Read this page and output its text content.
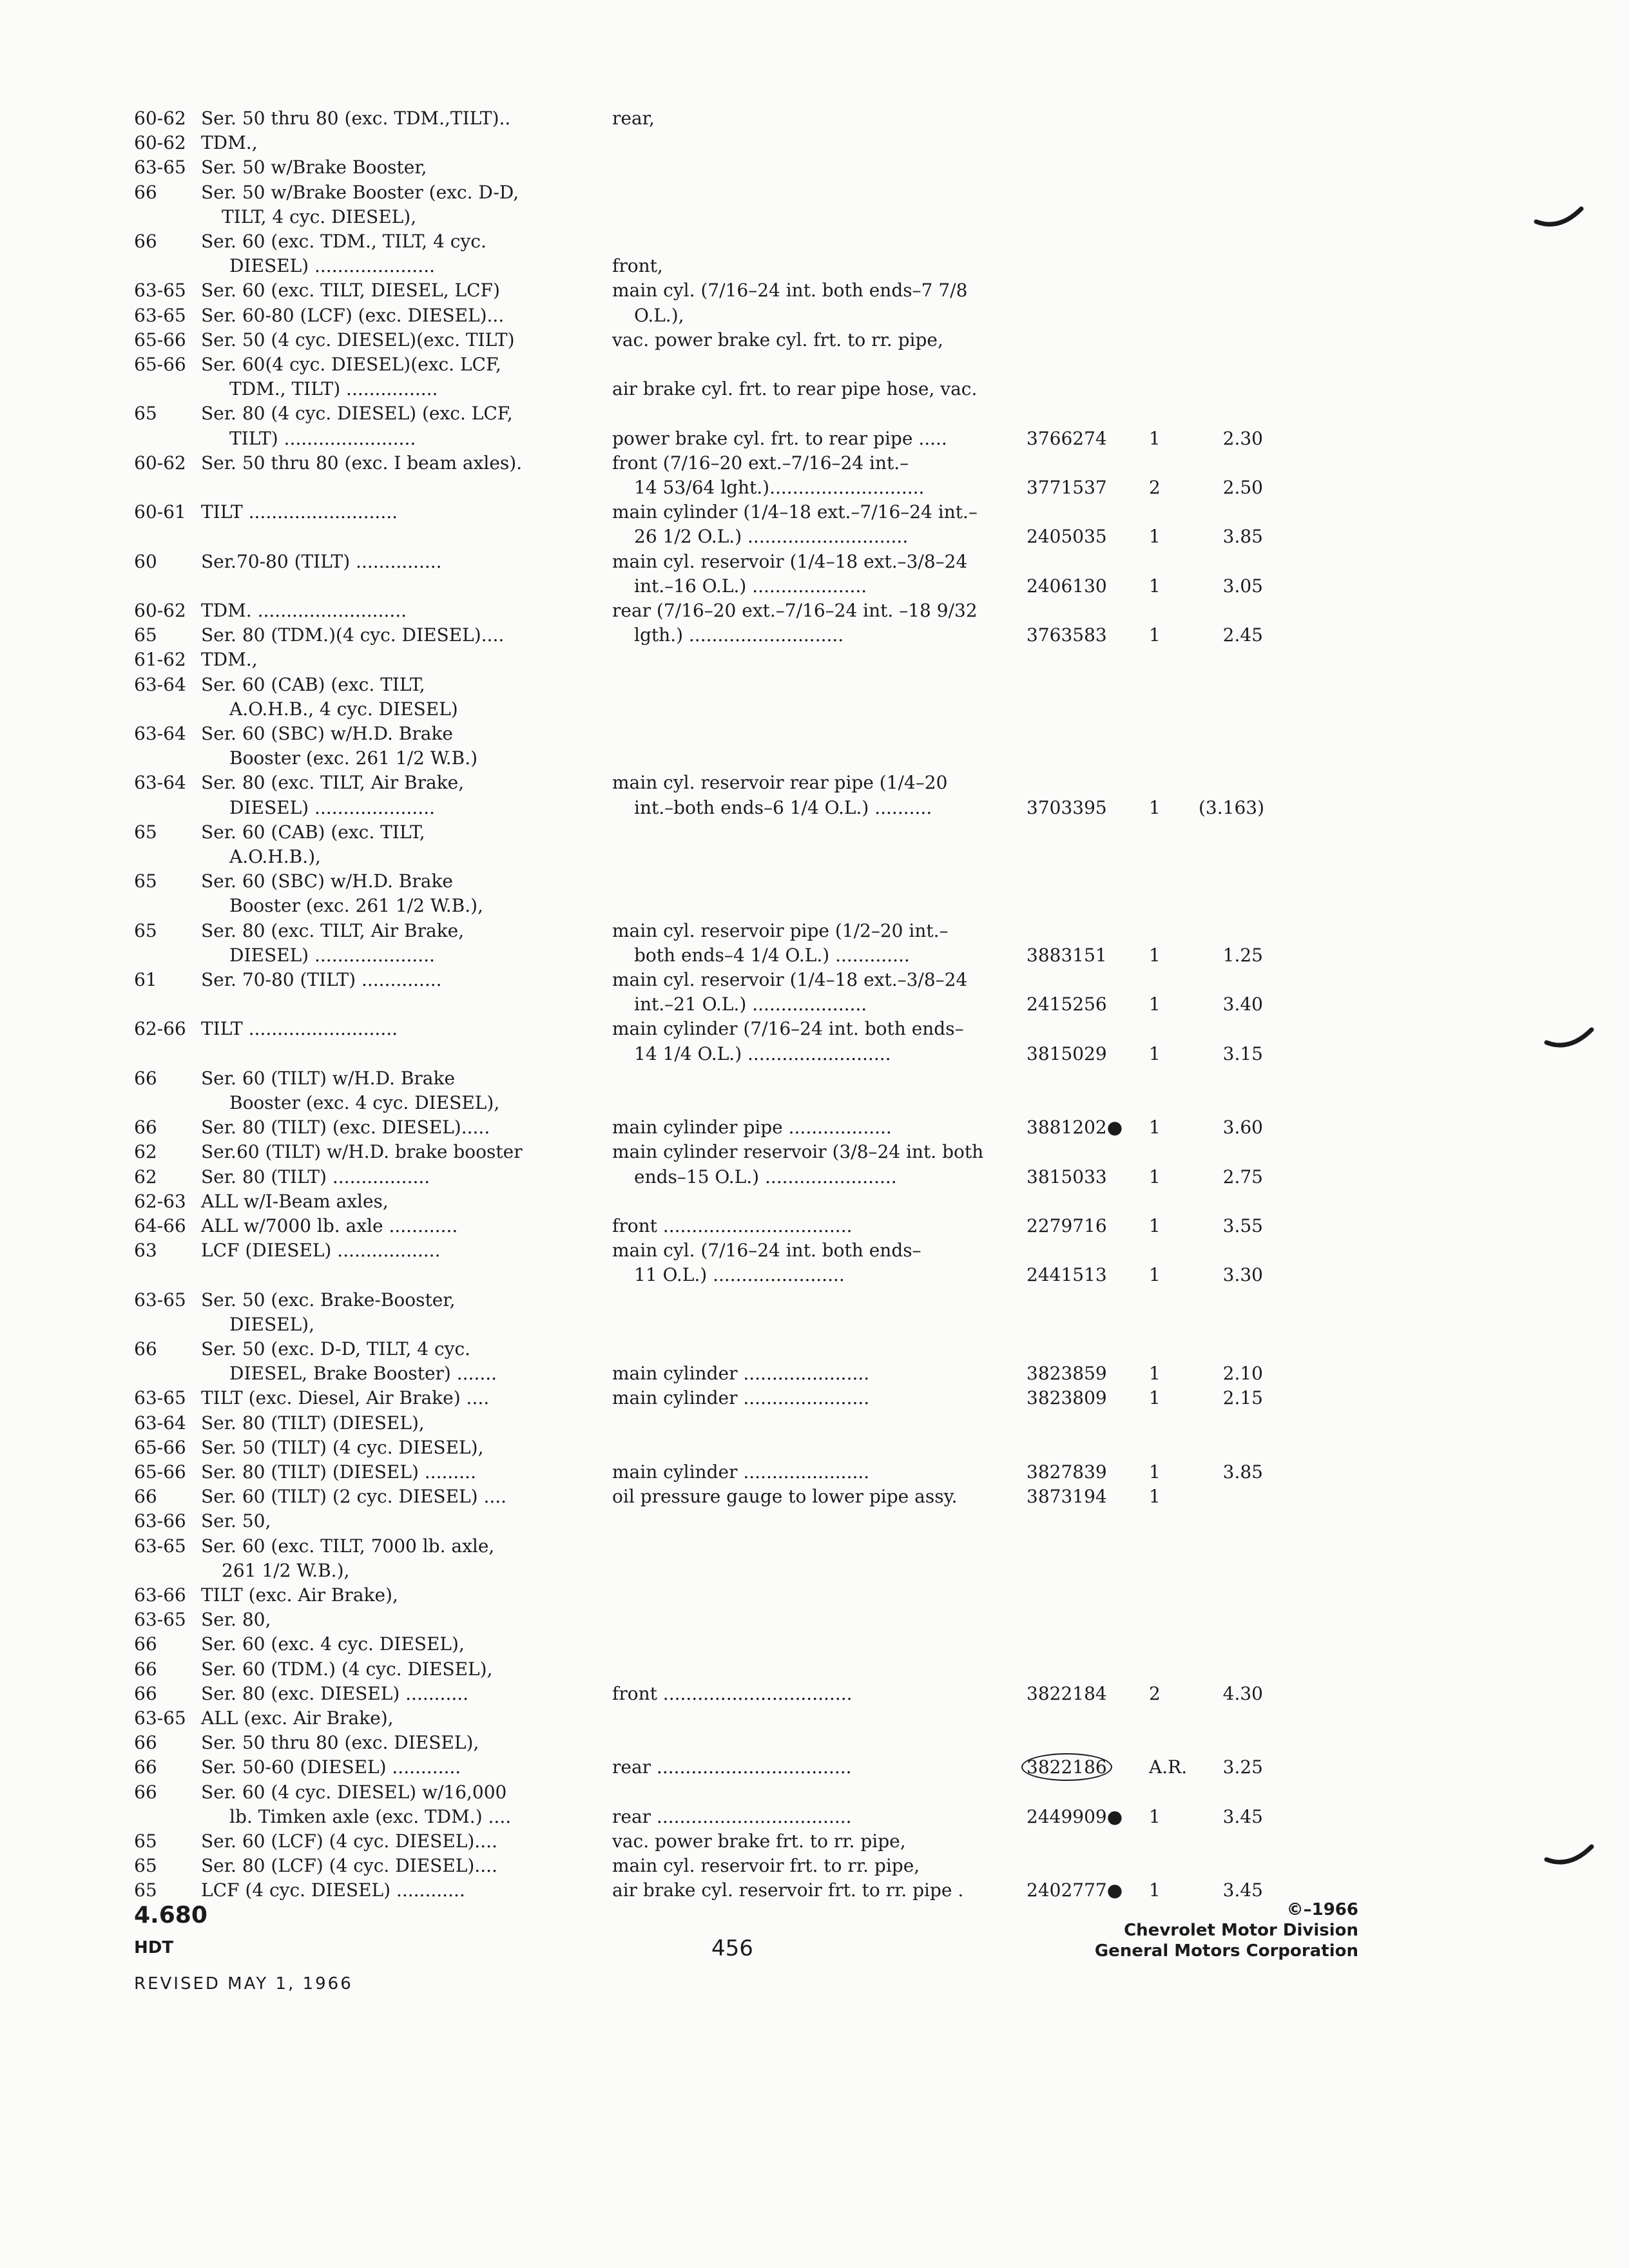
60-62 Ser. 50 thru 80 (exc. TDM.,TILT)..	rear,
60-62 TDM.,
63-65 Ser. 50 w/Brake Booster,
66 Ser. 50 w/Brake Booster (exc. D-D,
TILT, 4 cyc. DIESEL),
66 Ser. 60 (exc. TDM., TILT, 4 cyc.
DIESEL) .....................	front,
63-65 Ser. 60 (exc. TILT, DIESEL, LCF)	main cyl. (7/16–24 int. both ends–7 7/8
63-65 Ser. 60-80 (LCF) (exc. DIESEL)...	O.L.),
65-66 Ser. 50 (4 cyc. DIESEL)(exc. TILT)	vac. power brake cyl. frt. to rr. pipe,
65-66 Ser. 60(4 cyc. DIESEL)(exc. LCF,
TDM., TILT) ................	air brake cyl. frt. to rear pipe hose, vac.
65 Ser. 80 (4 cyc. DIESEL) (exc. LCF,
TILT) .......................	power brake cyl. frt. to rear pipe .....	3766274 1	2.30
60-62 Ser. 50 thru 80 (exc. I beam axles).	front (7/16–20 ext.–7/16–24 int.–
14 53/64 lght.)...........................	3771537 2	2.50
60-61 TILT ..........................	main cylinder (1/4–18 ext.–7/16–24 int.–
26 1/2 O.L.) ............................	2405035 1	3.85
60 Ser.70-80 (TILT) ...............	main cyl. reservoir (1/4–18 ext.–3/8–24
int.–16 O.L.) ....................	2406130 1	3.05
60-62 TDM. ..........................	rear (7/16–20 ext.–7/16–24 int. –18 9/32
65 Ser. 80 (TDM.)(4 cyc. DIESEL)....	lgth.) ...........................	3763583 1	2.45
61-62 TDM.,
63-64 Ser. 60 (CAB) (exc. TILT,
A.O.H.B., 4 cyc. DIESEL)
63-64 Ser. 60 (SBC) w/H.D. Brake
Booster (exc. 261 1/2 W.B.)
63-64 Ser. 80 (exc. TILT, Air Brake,	main cyl. reservoir rear pipe (1/4–20
DIESEL) .....................	int.–both ends–6 1/4 O.L.) ..........	3703395 1 (3.163)
65 Ser. 60 (CAB) (exc. TILT,
A.O.H.B.),
65 Ser. 60 (SBC) w/H.D. Brake
Booster (exc. 261 1/2 W.B.),
65 Ser. 80 (exc. TILT, Air Brake,	main cyl. reservoir pipe (1/2–20 int.–
DIESEL) .....................	both ends–4 1/4 O.L.) .............	3883151 1	1.25
61 Ser. 70-80 (TILT) ..............	main cyl. reservoir (1/4–18 ext.–3/8–24
int.–21 O.L.) ....................	2415256 1	3.40
62-66 TILT ..........................	main cylinder (7/16–24 int. both ends–
14 1/4 O.L.) .........................	3815029 1	3.15
66 Ser. 60 (TILT) w/H.D. Brake
Booster (exc. 4 cyc. DIESEL),
66 Ser. 80 (TILT) (exc. DIESEL).....	main cylinder pipe ..................	3881202● 1	3.60
62 Ser.60 (TILT) w/H.D. brake booster	main cylinder reservoir (3/8–24 int. both
62 Ser. 80 (TILT) .................	ends–15 O.L.) .......................	3815033 1	2.75
62-63 ALL w/I-Beam axles,
64-66 ALL w/7000 lb. axle ............	front .................................	2279716 1	3.55
63 LCF (DIESEL) ..................	main cyl. (7/16–24 int. both ends–
11 O.L.) .......................	2441513 1	3.30
63-65 Ser. 50 (exc. Brake-Booster,
DIESEL),
66 Ser. 50 (exc. D-D, TILT, 4 cyc.
DIESEL, Brake Booster) .......	main cylinder ......................	3823859 1	2.10
63-65 TILT (exc. Diesel, Air Brake) ....	main cylinder ......................	3823809 1	2.15
63-64 Ser. 80 (TILT) (DIESEL),
65-66 Ser. 50 (TILT) (4 cyc. DIESEL),
65-66 Ser. 80 (TILT) (DIESEL) .........	main cylinder ......................	3827839 1	3.85
66 Ser. 60 (TILT) (2 cyc. DIESEL) ....	oil pressure gauge to lower pipe assy.	3873194 1
63-66 Ser. 50,
63-65 Ser. 60 (exc. TILT, 7000 lb. axle,
261 1/2 W.B.),
63-66 TILT (exc. Air Brake),
63-65 Ser. 80,
66 Ser. 60 (exc. 4 cyc. DIESEL),
66 Ser. 60 (TDM.) (4 cyc. DIESEL),
66 Ser. 80 (exc. DIESEL) ...........	front .................................	3822184 2	4.30
63-65 ALL (exc. Air Brake),
66 Ser. 50 thru 80 (exc. DIESEL),
66 Ser. 50-60 (DIESEL) ............	rear ..................................	3822186 A.R.	3.25
66 Ser. 60 (4 cyc. DIESEL) w/16,000
lb. Timken axle (exc. TDM.) ....	rear ..................................	2449909● 1	3.45
65 Ser. 60 (LCF) (4 cyc. DIESEL)....	vac. power brake frt. to rr. pipe,
65 Ser. 80 (LCF) (4 cyc. DIESEL)....	main cyl. reservoir frt. to rr. pipe,
65 LCF (4 cyc. DIESEL) ............	air brake cyl. reservoir frt. to rr. pipe .	2402777● 1	3.45
4.680
HDT
REVISED MAY 1, 1966
456
©–1966
Chevrolet Motor Division
General Motors Corporation
